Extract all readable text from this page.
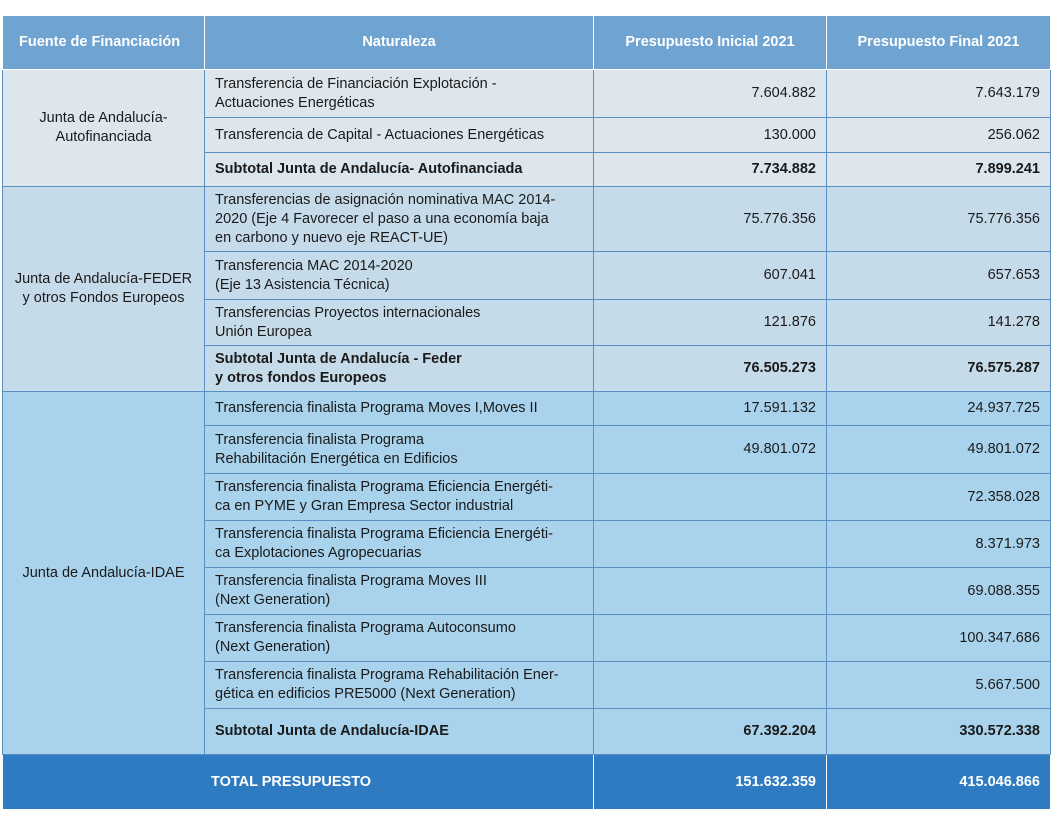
Fuente de Financiación	Naturaleza	Presupuesto Inicial 2021	Presupuesto Final 2021
Junta de Andalucía-
Autofinanciada	Transferencia de Financiación Explotación -
Actuaciones Energéticas	7.604.882	7.643.179
	Transferencia de Capital - Actuaciones Energéticas	130.000	256.062
	Subtotal Junta de Andalucía- Autofinanciada	7.734.882	7.899.241
Junta de Andalucía-FEDER
y otros Fondos Europeos	Transferencias de asignación nominativa MAC 2014-
2020 (Eje 4 Favorecer el paso a una economía baja
en carbono y nuevo eje REACT-UE)	75.776.356	75.776.356
	Transferencia MAC 2014-2020
(Eje 13 Asistencia Técnica)	607.041	657.653
	Transferencias Proyectos internacionales
Unión Europea	121.876	141.278
	Subtotal Junta de Andalucía - Feder
y otros fondos Europeos	76.505.273	76.575.287
Junta de Andalucía-IDAE	Transferencia finalista Programa Moves I,Moves II	17.591.132	24.937.725
	Transferencia finalista Programa
Rehabilitación Energética en Edificios	49.801.072	49.801.072
	Transferencia finalista Programa Eficiencia Energéti-
ca en PYME y Gran Empresa Sector industrial		72.358.028
	Transferencia finalista Programa Eficiencia Energéti-
ca Explotaciones Agropecuarias		8.371.973
	Transferencia finalista Programa Moves III
(Next Generation)		69.088.355
	Transferencia finalista Programa Autoconsumo
(Next Generation)		100.347.686
	Transferencia finalista Programa Rehabilitación Ener-
gética en edificios PRE5000 (Next Generation)		5.667.500
	Subtotal Junta de Andalucía-IDAE	67.392.204	330.572.338
TOTAL PRESUPUESTO		151.632.359	415.046.866
